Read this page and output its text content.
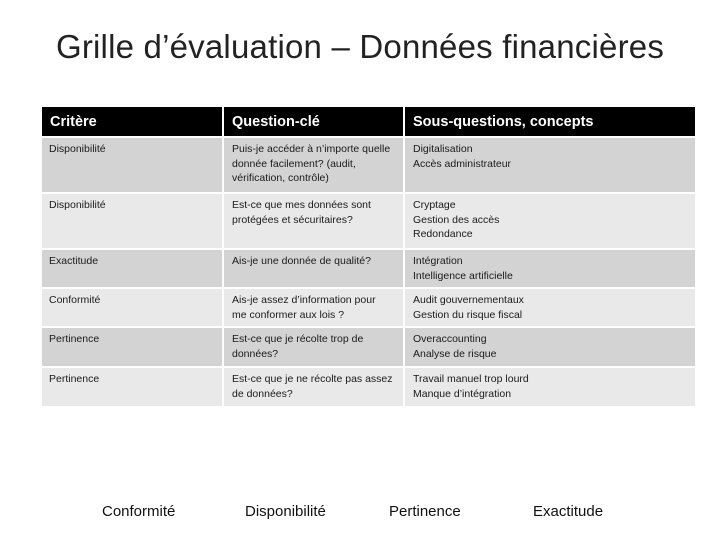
Grille d’évaluation – Données financières
Critère	Question-clé	Sous-questions, concepts

Disponibilité	Puis-je accéder à n’importe quelle
donnée facilement? (audit,
vérification, contrôle)	Digitalisation
Accès administrateur

Disponibilité	Est-ce que mes données sont
protégées et sécuritaires?	Cryptage
Gestion des accès
Redondance

Exactitude	Ais-je une donnée de qualité?	Intégration
Intelligence artificielle

Conformité	Ais-je assez d’information pour
me conformer aux lois ?	Audit gouvernementaux
Gestion du risque fiscal

Pertinence	Est-ce que je récolte trop de
données?	Overaccounting
Analyse de risque

Pertinence	Est-ce que je ne récolte pas assez
de données?	Travail manuel trop lourd
Manque d’intégration
Conformité	Disponibilité	Pertinence	Exactitude
